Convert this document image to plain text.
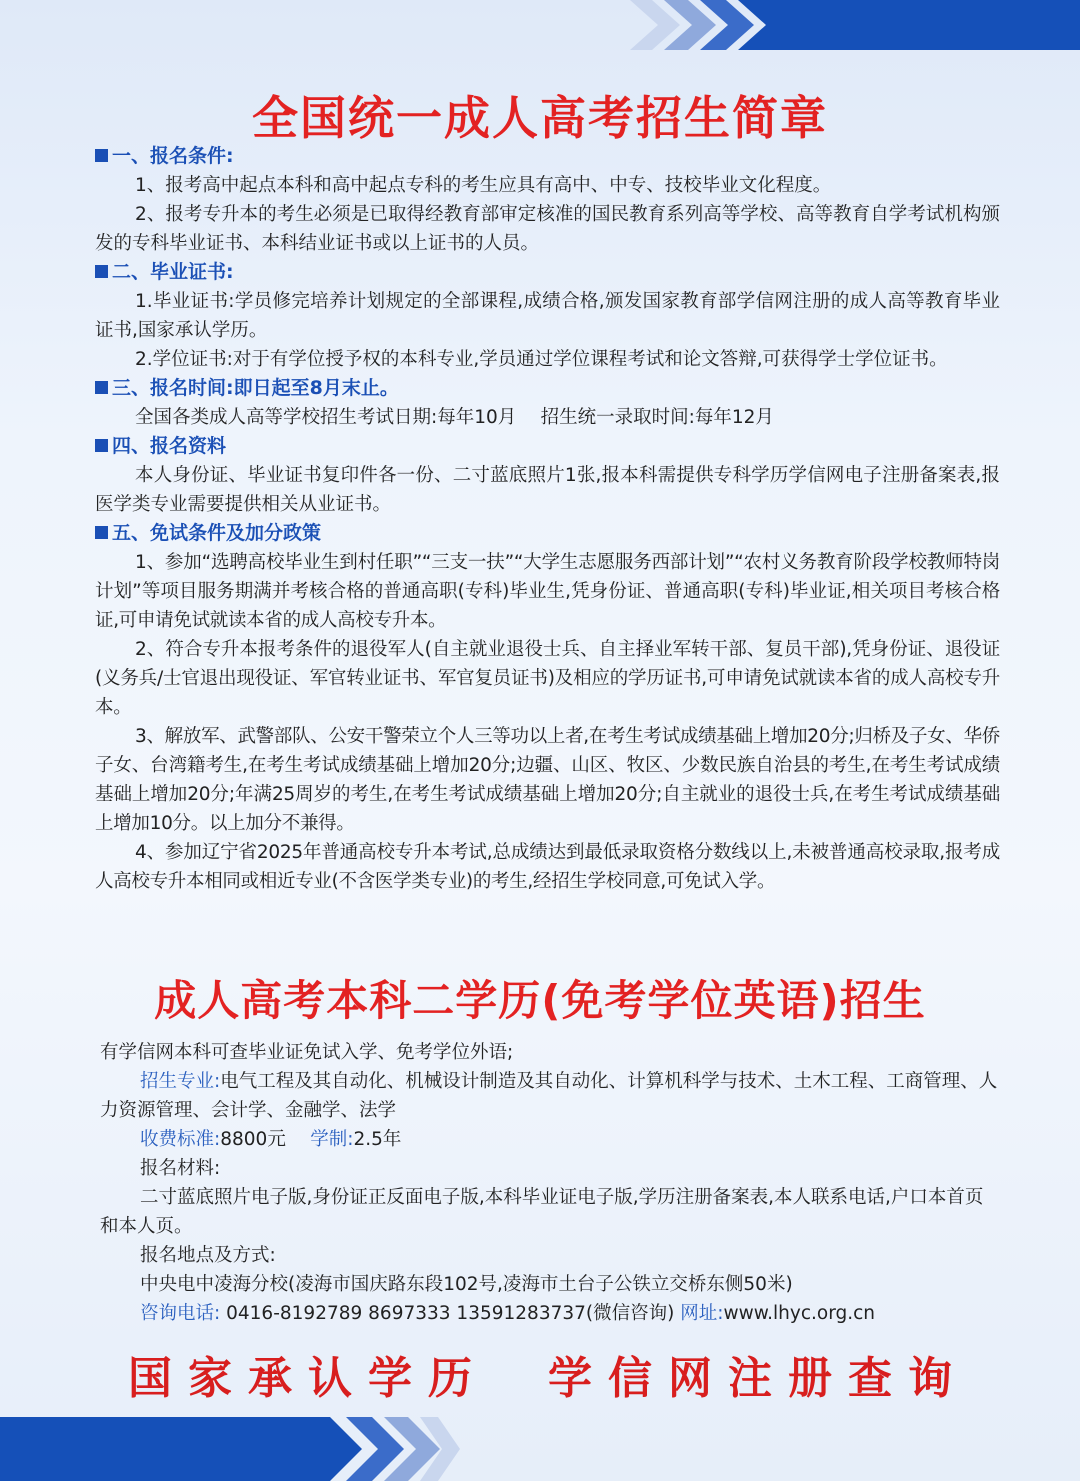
全国统一成人高考招生简章

一、报名条件:

1、报考高中起点本科和高中起点专科的考生应具有高中、中专、技校毕业文化程度。

2、报考专升本的考生必须是已取得经教育部审定核准的国民教育系列高等学校、高等教育自学考试机构颁发的专科毕业证书、本科结业证书或以上证书的人员。

二、毕业证书:

1.毕业证书:学员修完培养计划规定的全部课程,成绩合格,颁发国家教育部学信网注册的成人高等教育毕业证书,国家承认学历。

2.学位证书:对于有学位授予权的本科专业,学员通过学位课程考试和论文答辩,可获得学士学位证书。

三、报名时间:即日起至8月末止。

全国各类成人高等学校招生考试日期:每年10月　 招生统一录取时间:每年12月

四、报名资料

本人身份证、毕业证书复印件各一份、二寸蓝底照片1张,报本科需提供专科学历学信网电子注册备案表,报医学类专业需要提供相关从业证书。

五、免试条件及加分政策

1、参加“选聘高校毕业生到村任职”“三支一扶”“大学生志愿服务西部计划”“农村义务教育阶段学校教师特岗计划”等项目服务期满并考核合格的普通高职(专科)毕业生,凭身份证、普通高职(专科)毕业证,相关项目考核合格证,可申请免试就读本省的成人高校专升本。

2、符合专升本报考条件的退役军人(自主就业退役士兵、自主择业军转干部、复员干部),凭身份证、退役证(义务兵/士官退出现役证、军官转业证书、军官复员证书)及相应的学历证书,可申请免试就读本省的成人高校专升本。

3、解放军、武警部队、公安干警荣立个人三等功以上者,在考生考试成绩基础上增加20分;归桥及子女、华侨子女、台湾籍考生,在考生考试成绩基础上增加20分;边疆、山区、牧区、少数民族自治县的考生,在考生考试成绩基础上增加20分;年满25周岁的考生,在考生考试成绩基础上增加20分;自主就业的退役士兵,在考生考试成绩基础上增加10分。以上加分不兼得。

4、参加辽宁省2025年普通高校专升本考试,总成绩达到最低录取资格分数线以上,未被普通高校录取,报考成人高校专升本相同或相近专业(不含医学类专业)的考生,经招生学校同意,可免试入学。

成人高考本科二学历(免考学位英语)招生

有学信网本科可查毕业证免试入学、免考学位外语;

招生专业:电气工程及其自动化、机械设计制造及其自动化、计算机科学与技术、土木工程、工商管理、人力资源管理、会计学、金融学、法学

收费标准:8800元　 学制:2.5年

报名材料:

二寸蓝底照片电子版,身份证正反面电子版,本科毕业证电子版,学历注册备案表,本人联系电话,户口本首页和本人页。

报名地点及方式:

中央电中凌海分校(凌海市国庆路东段102号,凌海市土台子公铁立交桥东侧50米)

咨询电话: 0416-8192789 8697333 13591283737(微信咨询) 网址:www.lhyc.org.cn

国家承认学历 学信网注册查询
